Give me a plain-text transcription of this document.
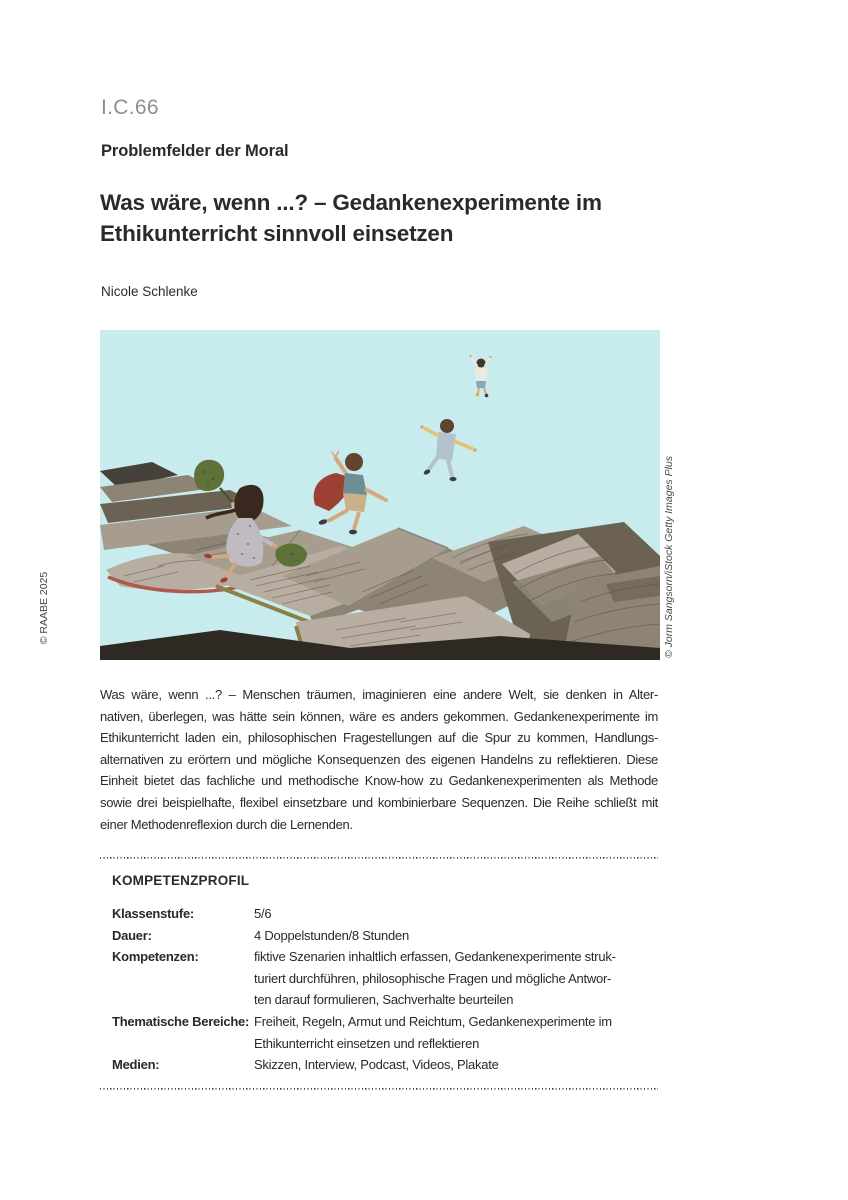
© RAABE 2025
I.C.66
Problemfelder der Moral
Was wäre, wenn ...? – Gedankenexperimente im
Ethikunterricht sinnvoll einsetzen
Nicole Schlenke
© Jorm Sangsorn/iStock Getty Images Plus
Was wäre, wenn ...? – Menschen träumen, imaginieren eine andere Welt, sie denken in Alter-
nativen, überlegen, was hätte sein können, wäre es anders gekommen. Gedankenexperimente im
Ethikunterricht laden ein, philosophischen Fragestellungen auf die Spur zu kommen, Handlungs-
alternativen zu erörtern und mögliche Konsequenzen des eigenen Handelns zu reflektieren. Diese
Einheit bietet das fachliche und methodische Know-how zu Gedankenexperimenten als Methode
sowie drei beispielhafte, flexibel einsetzbare und kombinierbare Sequenzen. Die Reihe schließt mit
einer Methodenreflexion durch die Lernenden.
KOMPETENZPROFIL
Klassenstufe:	5/6
Dauer:	4 Doppelstunden/8 Stunden
Kompetenzen:	fiktive Szenarien inhaltlich erfassen, Gedankenexperimente struk-
turiert durchführen, philosophische Fragen und mögliche Antwor-
ten darauf formulieren, Sachverhalte beurteilen
Thematische Bereiche: Freiheit, Regeln, Armut und Reichtum, Gedankenexperimente im
Ethikunterricht einsetzen und reflektieren
Medien:	Skizzen, Interview, Podcast, Videos, Plakate
